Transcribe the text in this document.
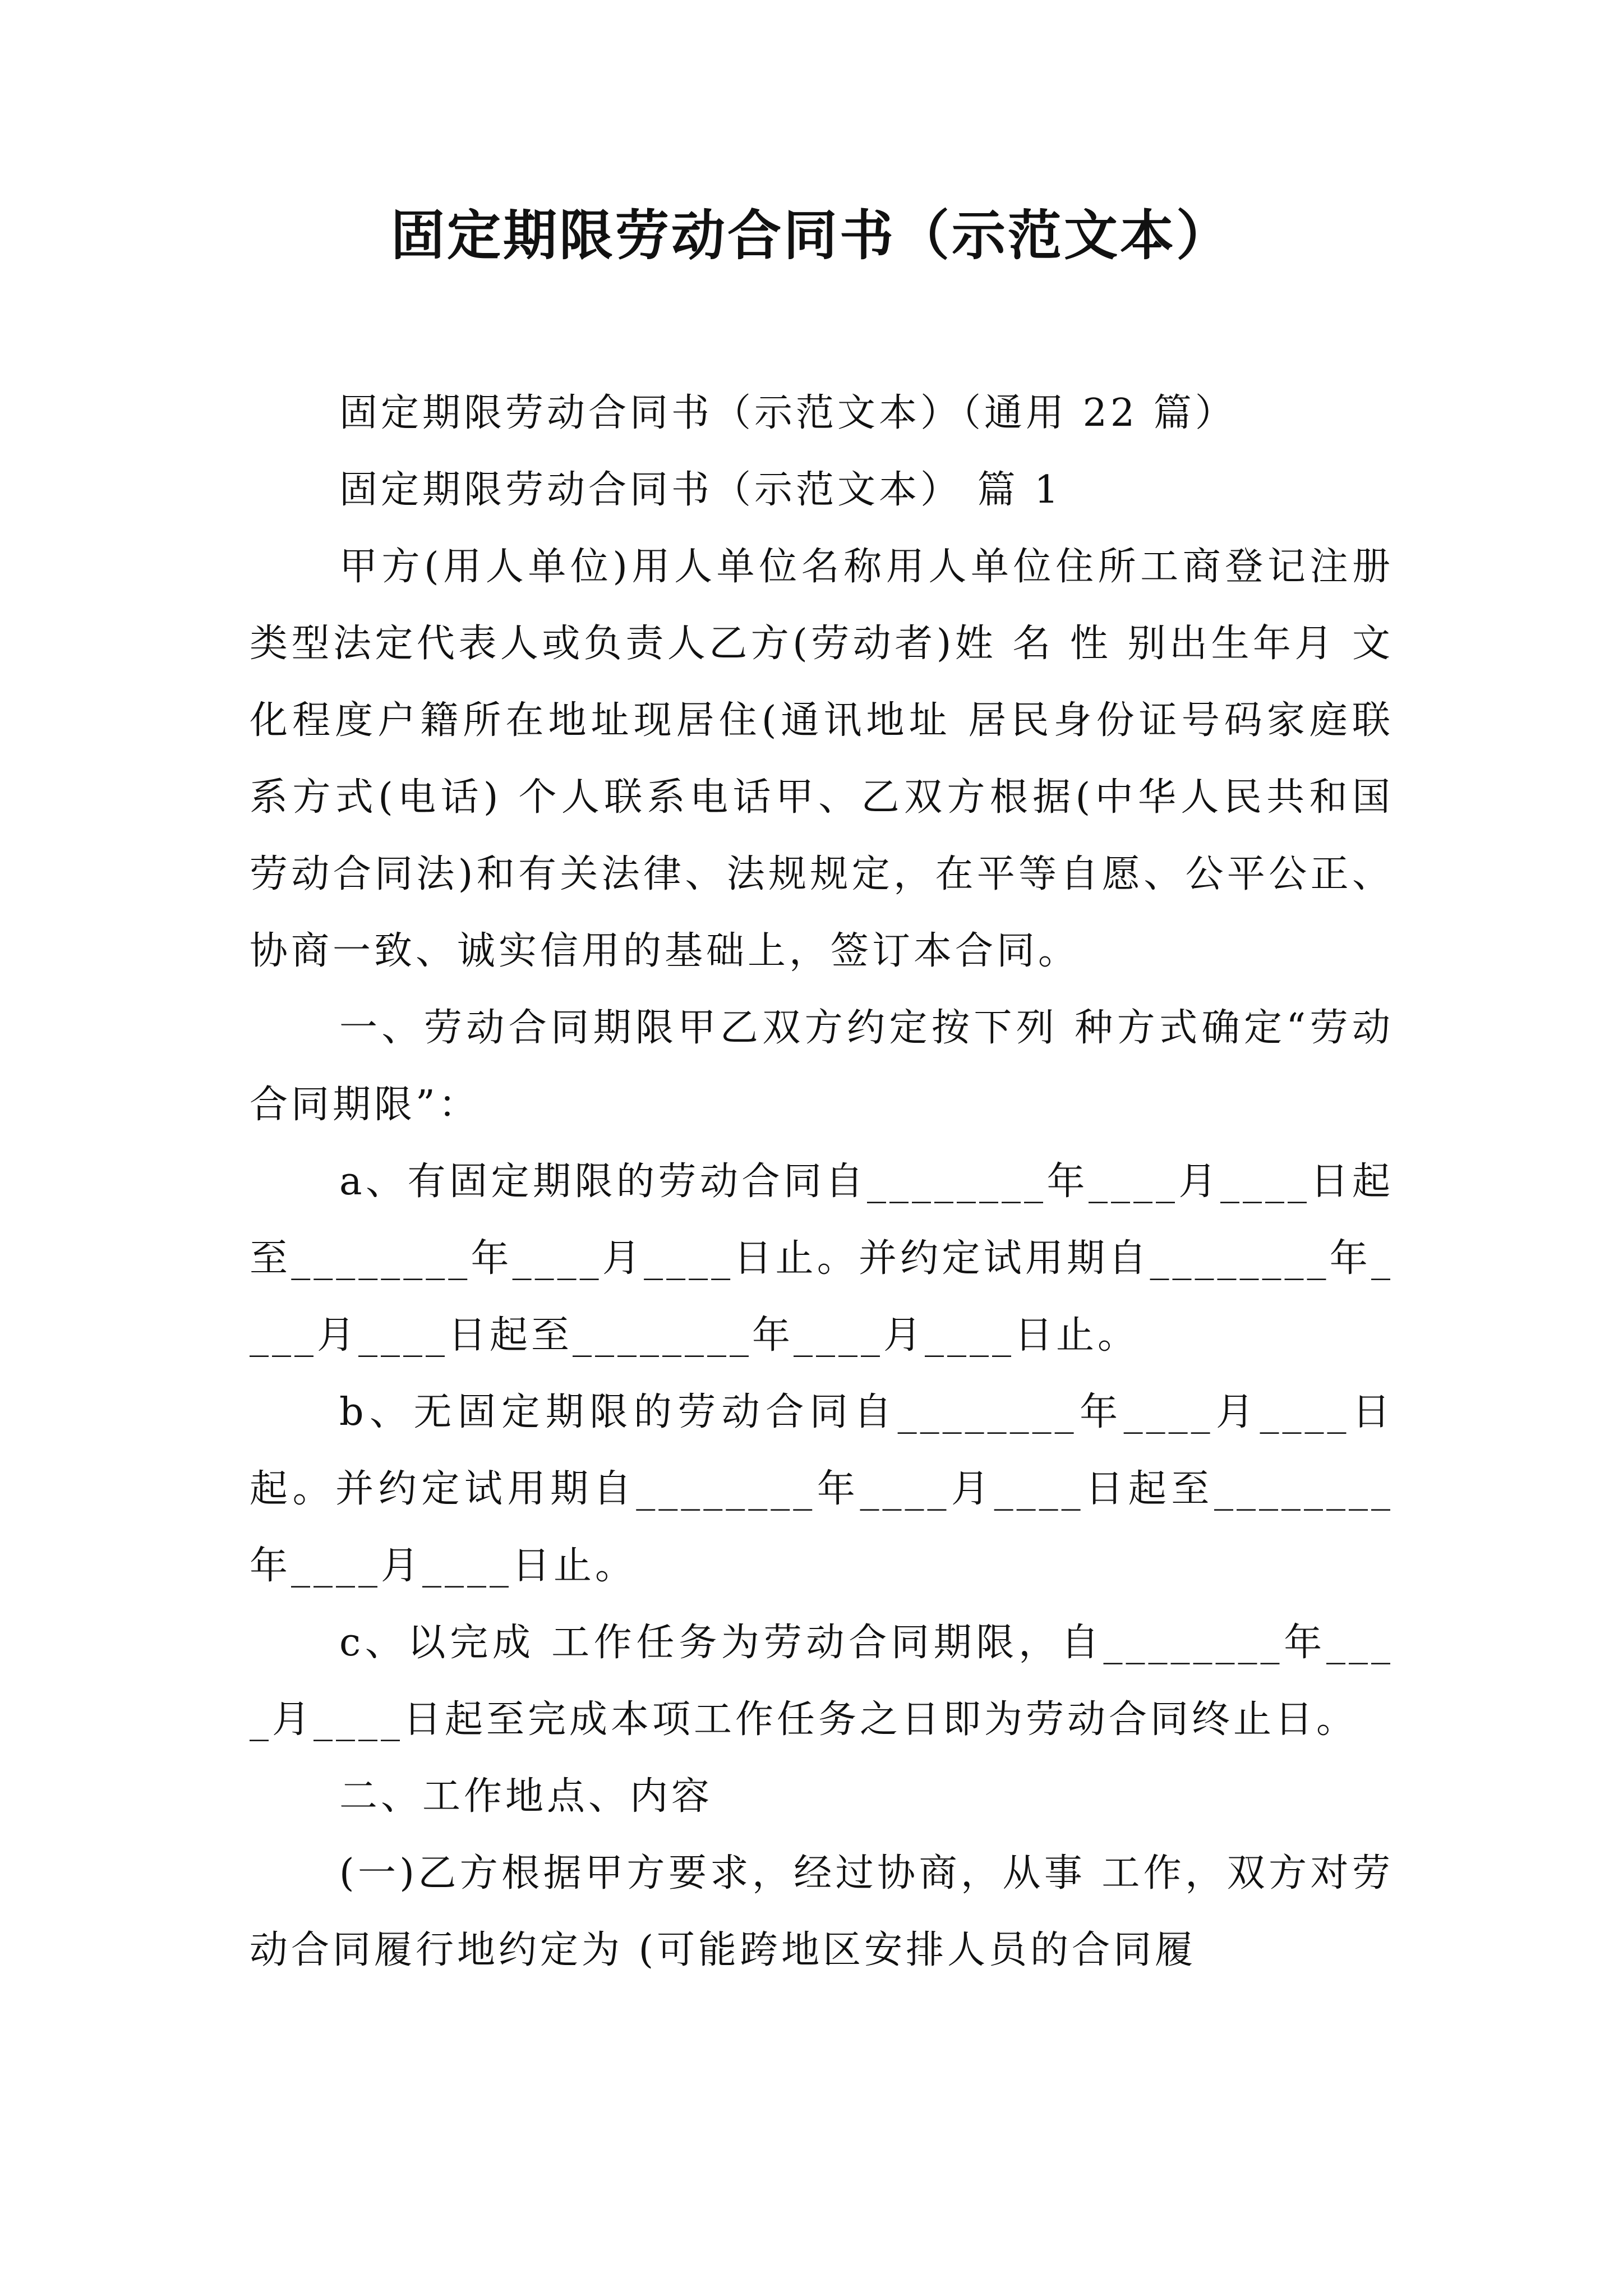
固定期限劳动合同书（示范文本）

固定期限劳动合同书（示范文本）（通用 22 篇）

固定期限劳动合同书（示范文本） 篇 1

甲方(用人单位)用人单位名称用人单位住所工商登记注册类型法定代表人或负责人乙方(劳动者)姓 名 性 别出生年月 文化程度户籍所在地址现居住(通讯地址 居民身份证号码家庭联系方式(电话) 个人联系电话甲、乙双方根据(中华人民共和国劳动合同法)和有关法律、法规规定，在平等自愿、公平公正、协商一致、诚实信用的基础上，签订本合同。

一、劳动合同期限甲乙双方约定按下列 种方式确定“劳动合同期限”：

a、有固定期限的劳动合同自________年____月____日起至________年____月____日止。并约定试用期自________年____月____日起至________年____月____日止。

b、无固定期限的劳动合同自________年____月____日起。并约定试用期自________年____月____日起至________年____月____日止。

c、以完成 工作任务为劳动合同期限，自________年____月____日起至完成本项工作任务之日即为劳动合同终止日。

二、工作地点、内容

(一)乙方根据甲方要求，经过协商，从事 工作，双方对劳动合同履行地约定为 (可能跨地区安排人员的合同履
